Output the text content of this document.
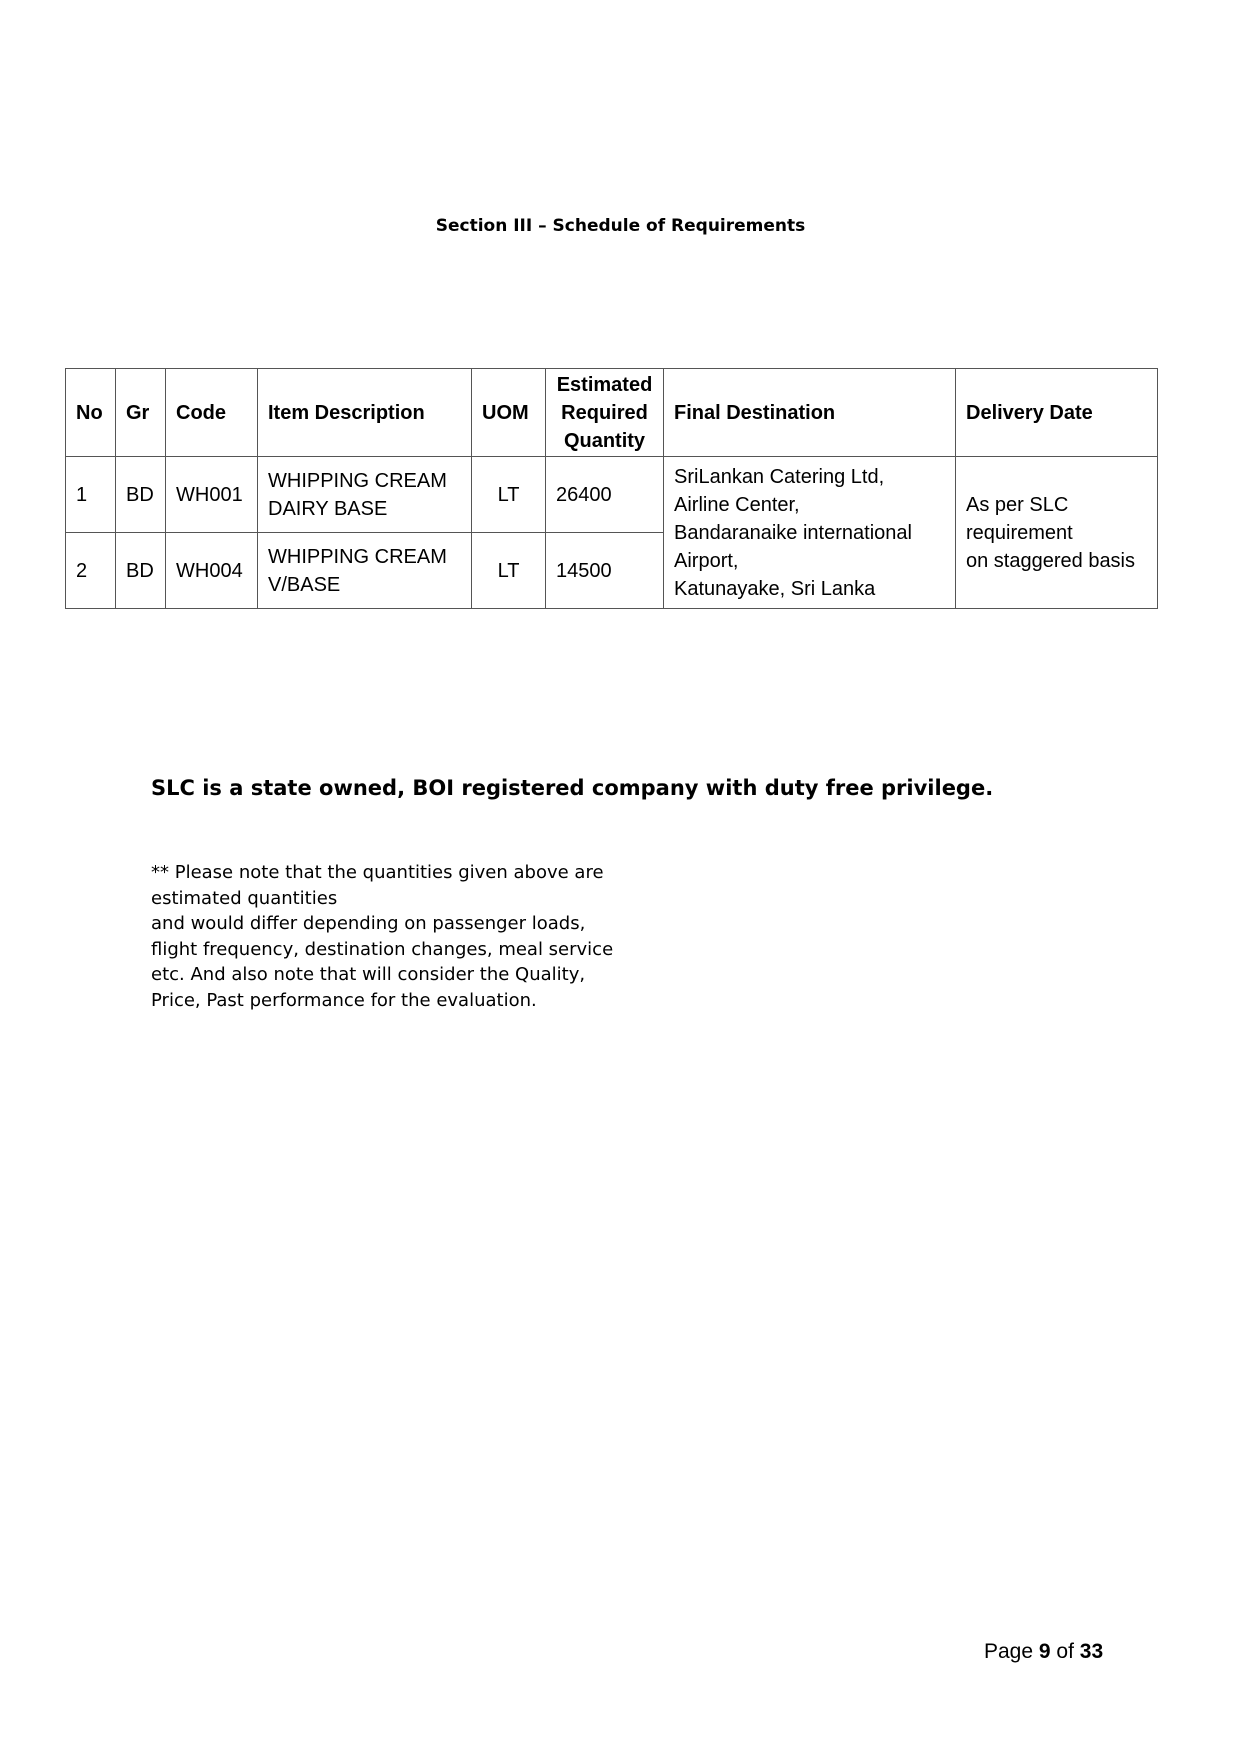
Section III – Schedule of Requirements
No	Gr	Code	Item Description	UOM	Estimated Required Quantity	Final Destination	Delivery Date
1	BD	WH001	WHIPPING CREAM DAIRY BASE	LT	26400	SriLankan Catering Ltd,
Airline Center,
Bandaranaike international Airport,
Katunayake, Sri Lanka	As per SLC requirement
on staggered basis
2	BD	WH004	WHIPPING CREAM V/BASE	LT	14500		
SLC is a state owned, BOI registered company with duty free privilege.
** Please note that the quantities given above are estimated quantities
and would differ depending on passenger loads, flight frequency, destination changes, meal service etc. And also note that will consider the Quality, Price, Past performance for the evaluation.
Page 9 of 33
